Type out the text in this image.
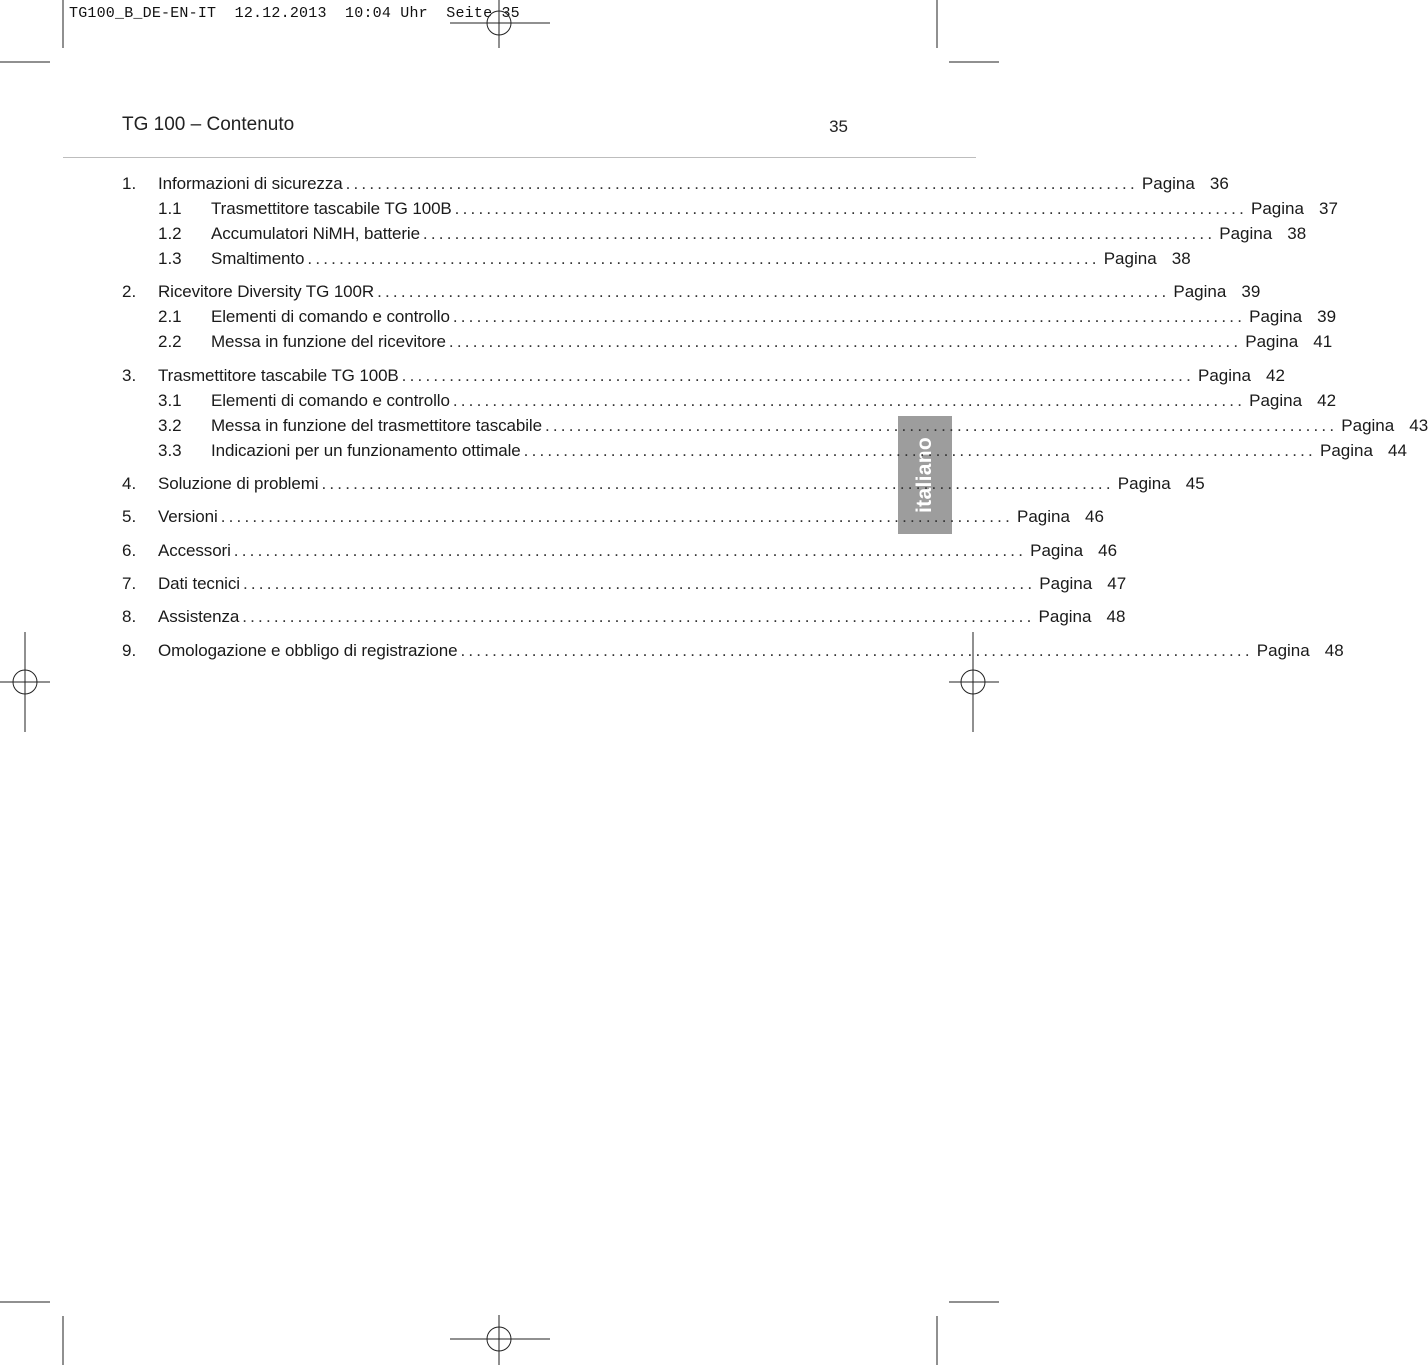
TG100_B_DE-EN-IT  12.12.2013  10:04 Uhr  Seite 35
TG 100 – Contenuto	35
italiano
1.	Informazioni di sicurezza .................................................................................................... Pagina 36
1.1	Trasmettitore tascabile TG 100B .................................................................................................... Pagina 37
1.2	Accumulatori NiMH, batterie .................................................................................................... Pagina 38
1.3	Smaltimento .................................................................................................... Pagina 38
2.	Ricevitore Diversity TG 100R .................................................................................................... Pagina 39
2.1	Elementi di comando e controllo .................................................................................................... Pagina 39
2.2	Messa in funzione del ricevitore .................................................................................................... Pagina 41
3.	Trasmettitore tascabile TG 100B .................................................................................................... Pagina 42
3.1	Elementi di comando e controllo .................................................................................................... Pagina 42
3.2	Messa in funzione del trasmettitore tascabile .................................................................................................... Pagina 43
3.3	Indicazioni per un funzionamento ottimale .................................................................................................... Pagina 44
4.	Soluzione di problemi .................................................................................................... Pagina 45
5.	Versioni .................................................................................................... Pagina 46
6.	Accessori .................................................................................................... Pagina 46
7.	Dati tecnici .................................................................................................... Pagina 47
8.	Assistenza .................................................................................................... Pagina 48
9.	Omologazione e obbligo di registrazione .................................................................................................... Pagina 48
